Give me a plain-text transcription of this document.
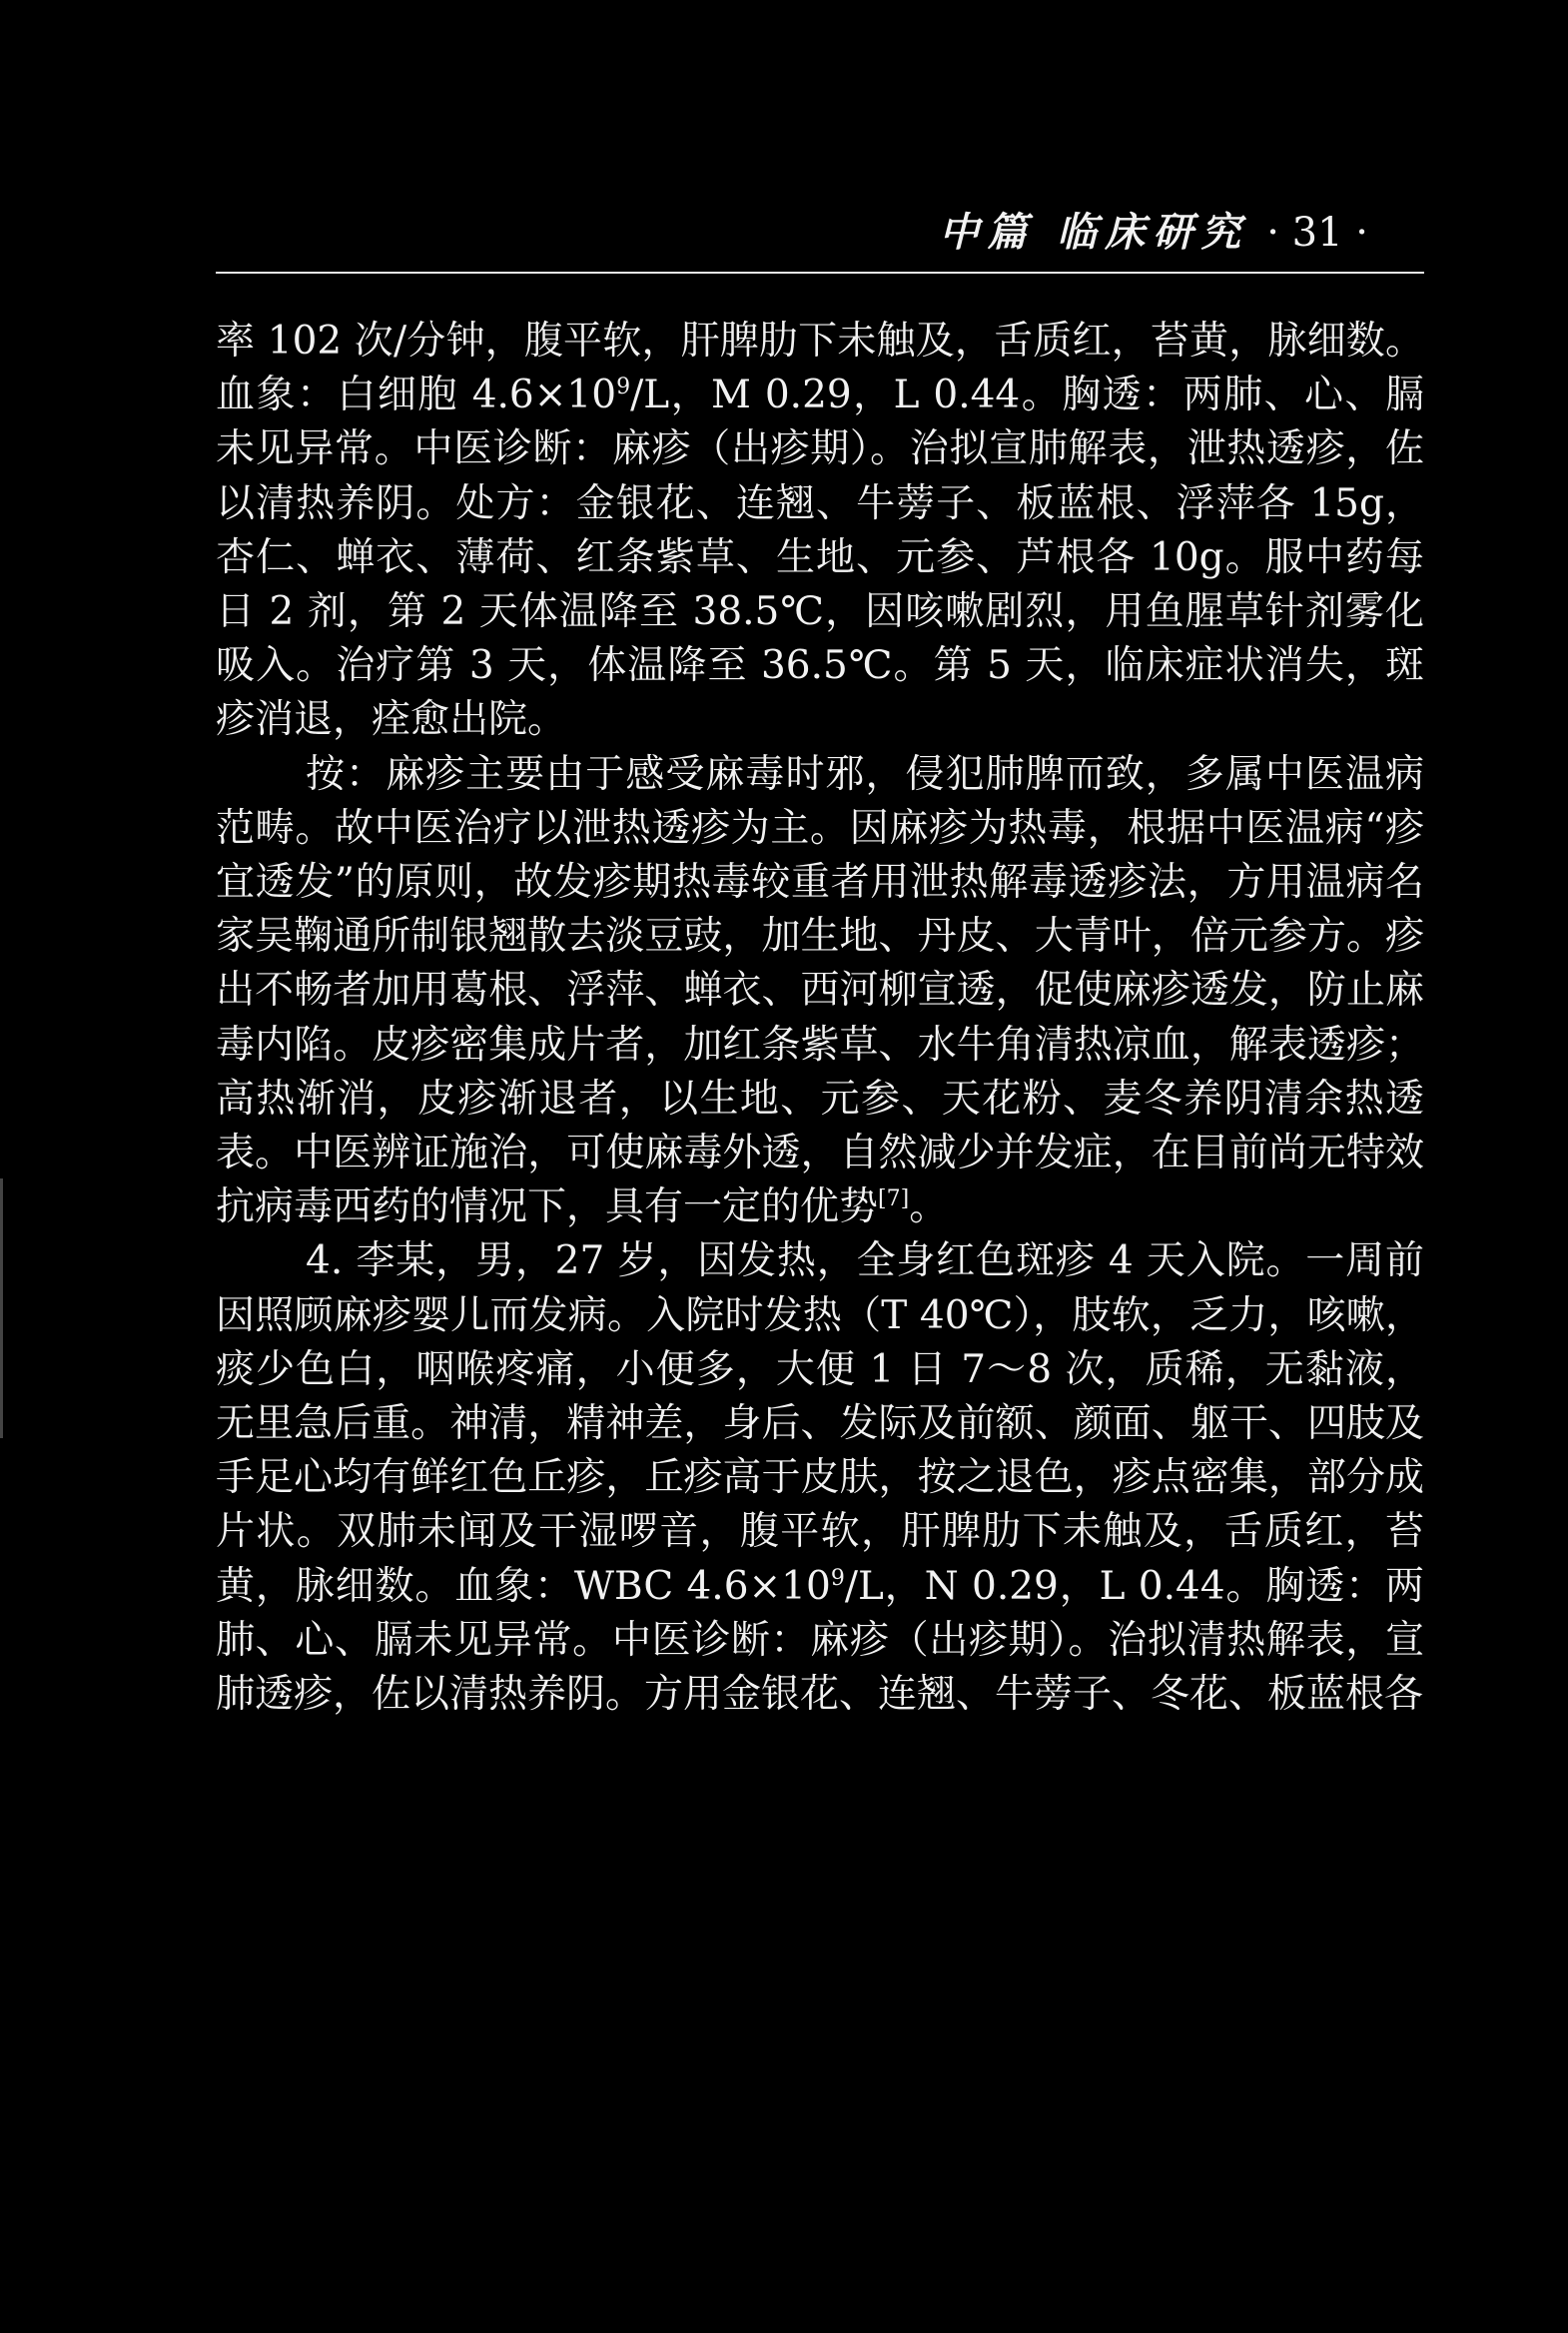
中篇 临床研究 · 31 ·

率 102 次/分钟，腹平软，肝脾肋下未触及，舌质红，苔黄，脉细数。血象：白细胞 $4.6\times 10^9/L$，M 0.29，L 0.44。胸透：两肺、心、膈未见异常。中医诊断：麻疹（出疹期）。治拟宣肺解表，泄热透疹，佐以清热养阴。处方：金银花、连翘、牛蒡子、板蓝根、浮萍各 15g，杏仁、蝉衣、薄荷、红条紫草、生地、元参、芦根各 10g。服中药每日 2 剂，第 2 天体温降至 38.5℃，因咳嗽剧烈，用鱼腥草针剂雾化吸入。治疗第 3 天，体温降至 36.5℃。第 5 天，临床症状消失，斑疹消退，痊愈出院。

按：麻疹主要由于感受麻毒时邪，侵犯肺脾而致，多属中医温病范畴。故中医治疗以泄热透疹为主。因麻疹为热毒，根据中医温病“疹宜透发”的原则，故发疹期热毒较重者用泄热解毒透疹法，方用温病名家吴鞠通所制银翘散去淡豆豉，加生地、丹皮、大青叶，倍元参方。疹出不畅者加用葛根、浮萍、蝉衣、西河柳宣透，促使麻疹透发，防止麻毒内陷。皮疹密集成片者，加红条紫草、水牛角清热凉血，解表透疹；高热渐消，皮疹渐退者，以生地、元参、天花粉、麦冬养阴清余热透表。中医辨证施治，可使麻毒外透，自然减少并发症，在目前尚无特效抗病毒西药的情况下，具有一定的优势[7]。

4. 李某，男，27 岁，因发热，全身红色斑疹 4 天入院。一周前因照顾麻疹婴儿而发病。入院时发热（T 40℃），肢软，乏力，咳嗽，痰少色白，咽喉疼痛，小便多，大便 1 日 7～8 次，质稀，无黏液，无里急后重。神清，精神差，身后、发际及前额、颜面、躯干、四肢及手足心均有鲜红色丘疹，丘疹高于皮肤，按之退色，疹点密集，部分成片状。双肺未闻及干湿啰音，腹平软，肝脾肋下未触及，舌质红，苔黄，脉细数。血象：WBC $4.6\times 10^9/L$，N 0.29，L 0.44。胸透：两肺、心、膈未见异常。中医诊断：麻疹（出疹期）。治拟清热解表，宣肺透疹，佐以清热养阴。方用金银花、连翘、牛蒡子、冬花、板蓝根各
